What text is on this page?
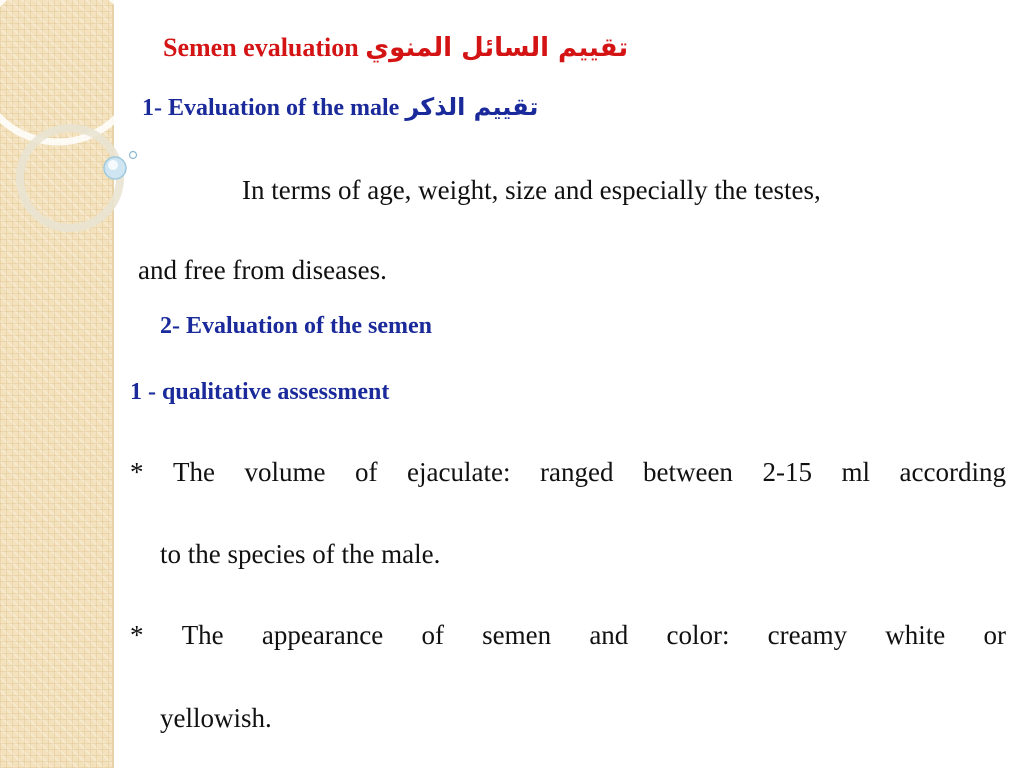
Semen evaluation تقييم السائل المنوي
1- Evaluation of the male تقييم الذكر
In terms of age, weight, size and especially the testes,
and free from diseases.
2- Evaluation of the semen
1 - qualitative assessment
* The volume of ejaculate: ranged between 2-15 ml according
to the species of the male.
* The appearance of semen and color: creamy white or
yellowish.
